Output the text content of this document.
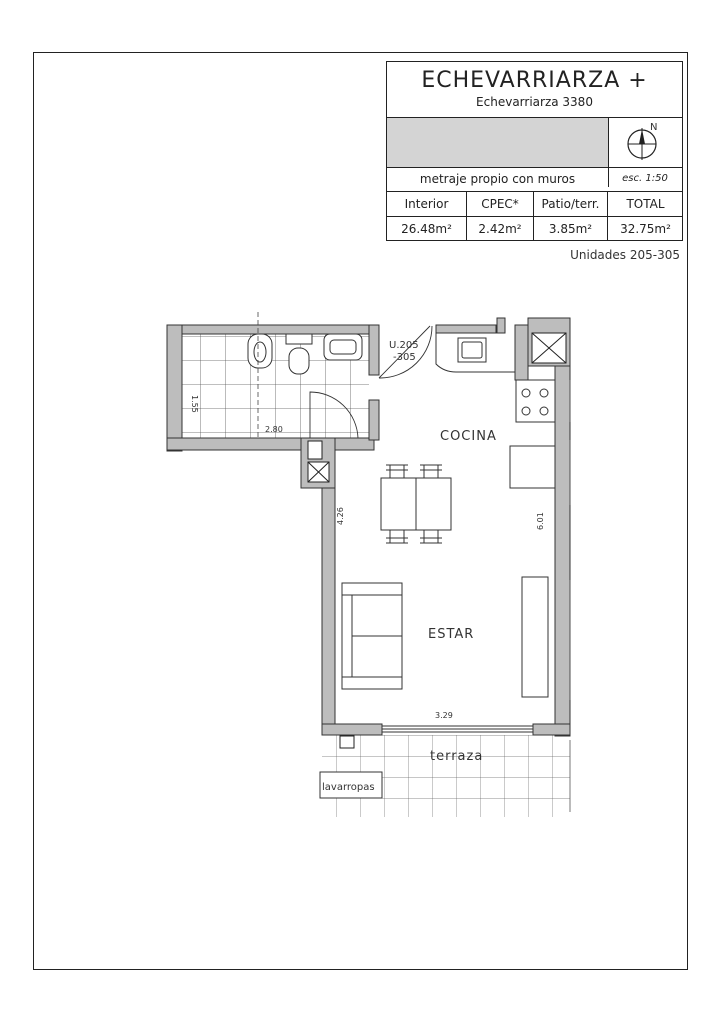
ECHEVARRIARZA +
Echevarriarza 3380
N
metraje propio con muros	esc. 1:50
Interior	CPEC*	Patio/terr.	TOTAL
26.48m²	2.42m²	3.85m²	32.75m²
Unidades 205-305
U.205
-305
COCINA
ESTAR
terraza
lavarropas
2.80
1.55
4.26	6.01
3.29
